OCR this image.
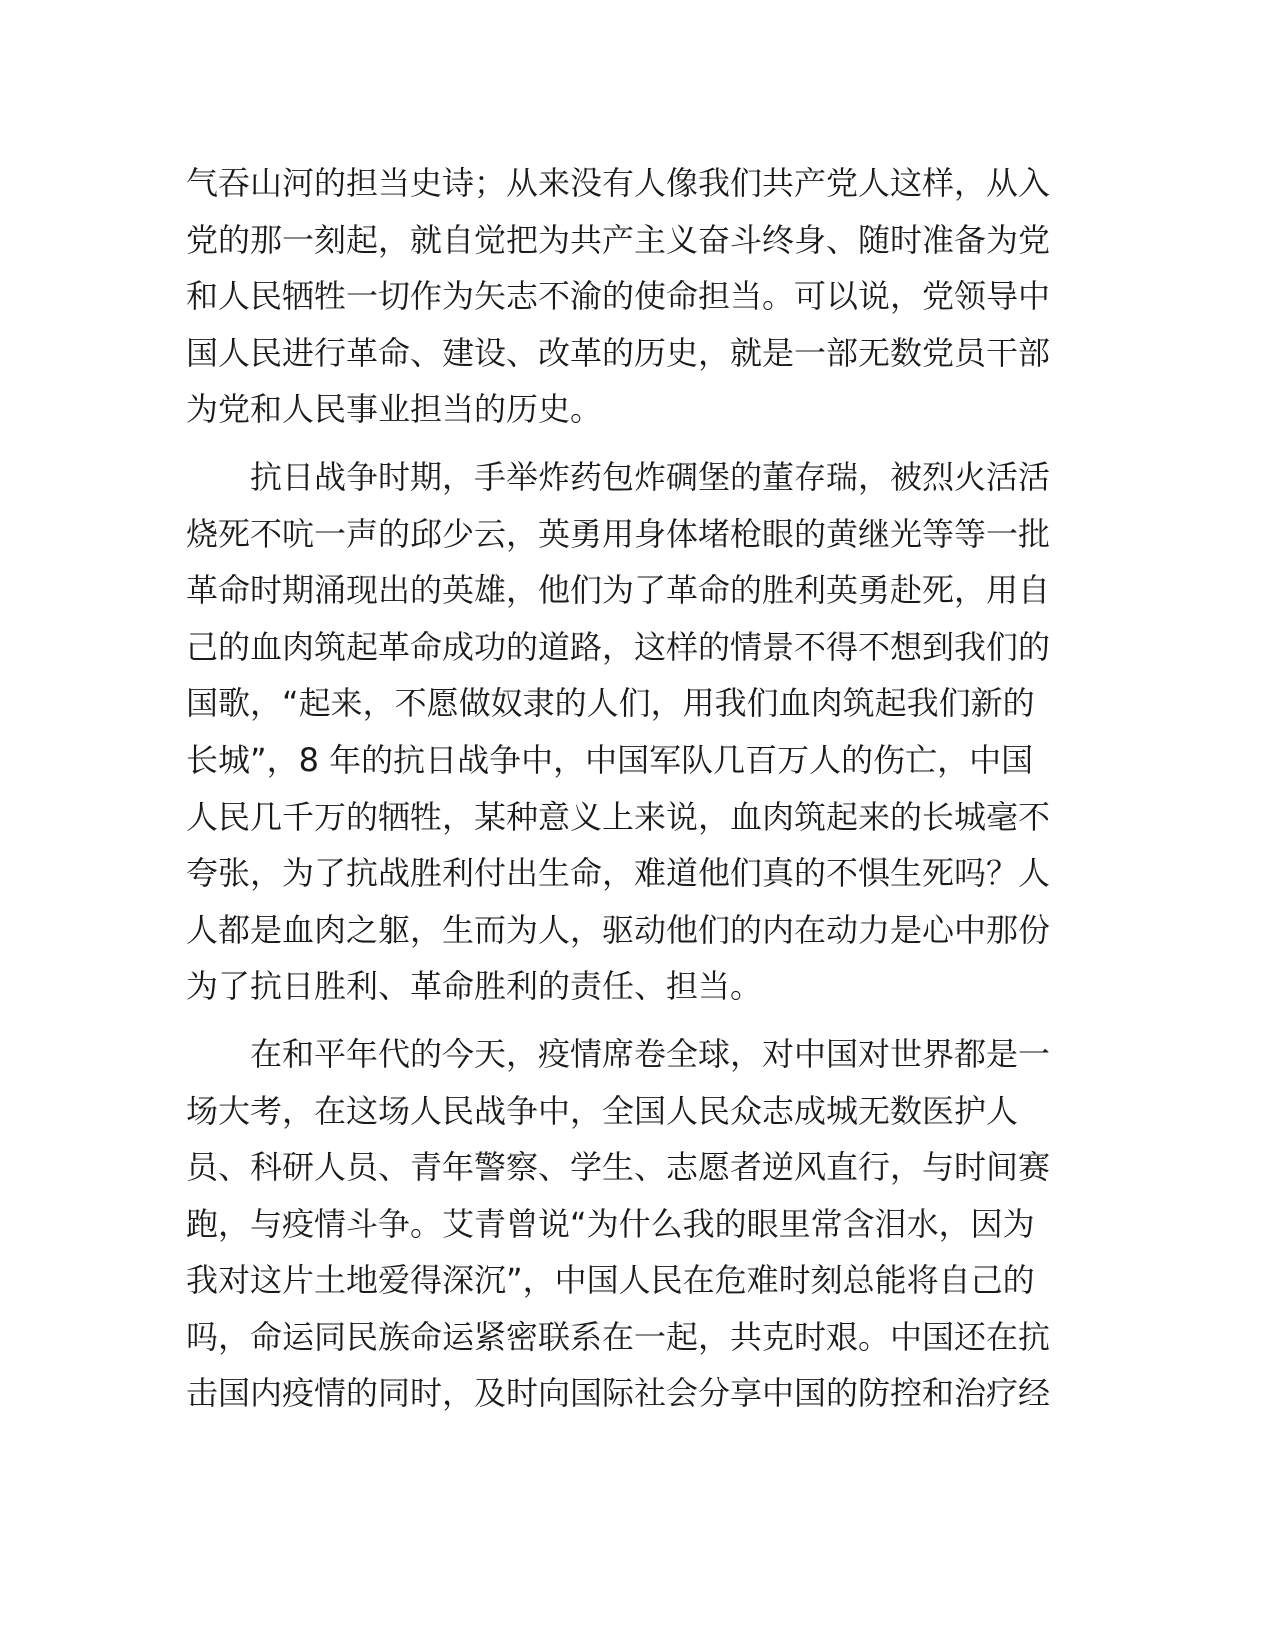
气吞山河的担当史诗；从来没有人像我们共产党人这样，从入
党的那一刻起，就自觉把为共产主义奋斗终身、随时准备为党
和人民牺牲一切作为矢志不渝的使命担当。可以说，党领导中
国人民进行革命、建设、改革的历史，就是一部无数党员干部
为党和人民事业担当的历史。
　　抗日战争时期，手举炸药包炸碉堡的董存瑞，被烈火活活
烧死不吭一声的邱少云，英勇用身体堵枪眼的黄继光等等一批
革命时期涌现出的英雄，他们为了革命的胜利英勇赴死，用自
己的血肉筑起革命成功的道路，这样的情景不得不想到我们的
国歌，“起来，不愿做奴隶的人们，用我们血肉筑起我们新的
长城”，8 年的抗日战争中，中国军队几百万人的伤亡，中国
人民几千万的牺牲，某种意义上来说，血肉筑起来的长城毫不
夸张，为了抗战胜利付出生命，难道他们真的不惧生死吗？人
人都是血肉之躯，生而为人，驱动他们的内在动力是心中那份
为了抗日胜利、革命胜利的责任、担当。
　　在和平年代的今天，疫情席卷全球，对中国对世界都是一
场大考，在这场人民战争中，全国人民众志成城无数医护人
员、科研人员、青年警察、学生、志愿者逆风直行，与时间赛
跑，与疫情斗争。艾青曾说“为什么我的眼里常含泪水，因为
我对这片土地爱得深沉”，中国人民在危难时刻总能将自己的
吗，命运同民族命运紧密联系在一起，共克时艰。中国还在抗
击国内疫情的同时，及时向国际社会分享中国的防控和治疗经
